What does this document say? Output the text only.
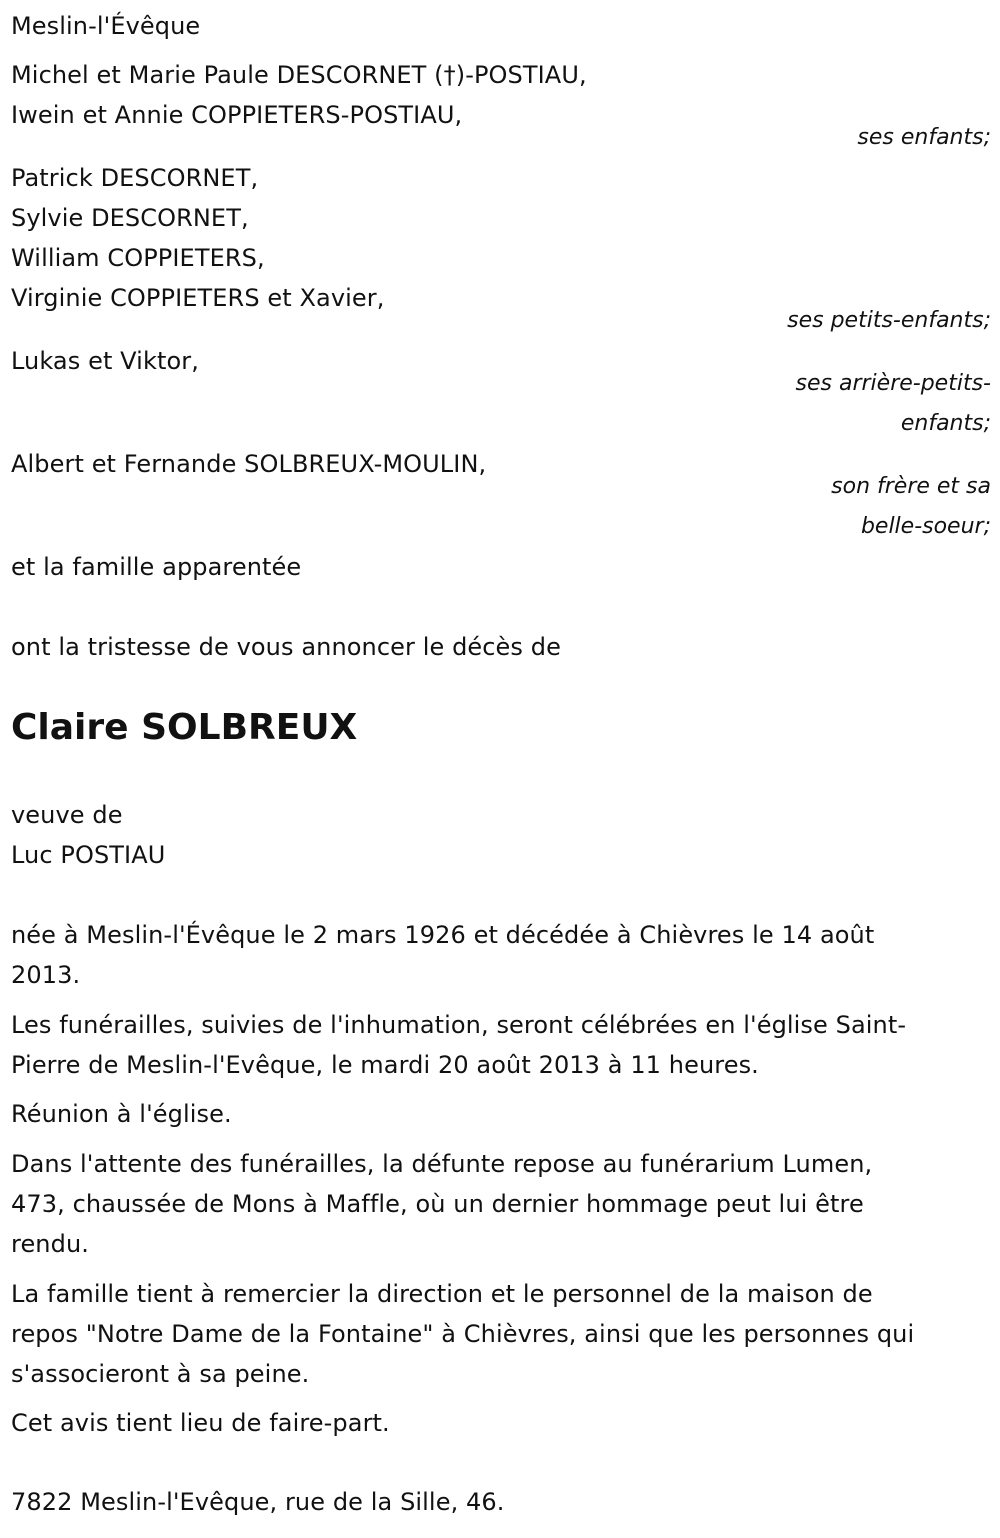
Meslin-l'Évêque
Michel et Marie Paule DESCORNET (†)-POSTIAU,
Iwein et Annie COPPIETERS-POSTIAU,
ses enfants;
Patrick DESCORNET,
Sylvie DESCORNET,
William COPPIETERS,
Virginie COPPIETERS et Xavier,
ses petits-enfants;
Lukas et Viktor,
ses arrière-petits-
enfants;
Albert et Fernande SOLBREUX-MOULIN,
son frère et sa
belle-soeur;
et la famille apparentée
ont la tristesse de vous annoncer le décès de
Claire SOLBREUX
veuve de
Luc POSTIAU
née à Meslin-l'Évêque le 2 mars 1926 et décédée à Chièvres le 14 août
2013.
Les funérailles, suivies de l'inhumation, seront célébrées en l'église Saint-
Pierre de Meslin-l'Evêque, le mardi 20 août 2013 à 11 heures.
Réunion à l'église.
Dans l'attente des funérailles, la défunte repose au funérarium Lumen,
473, chaussée de Mons à Maffle, où un dernier hommage peut lui être
rendu.
La famille tient à remercier la direction et le personnel de la maison de
repos "Notre Dame de la Fontaine" à Chièvres, ainsi que les personnes qui
s'associeront à sa peine.
Cet avis tient lieu de faire-part.
7822 Meslin-l'Evêque, rue de la Sille, 46.
